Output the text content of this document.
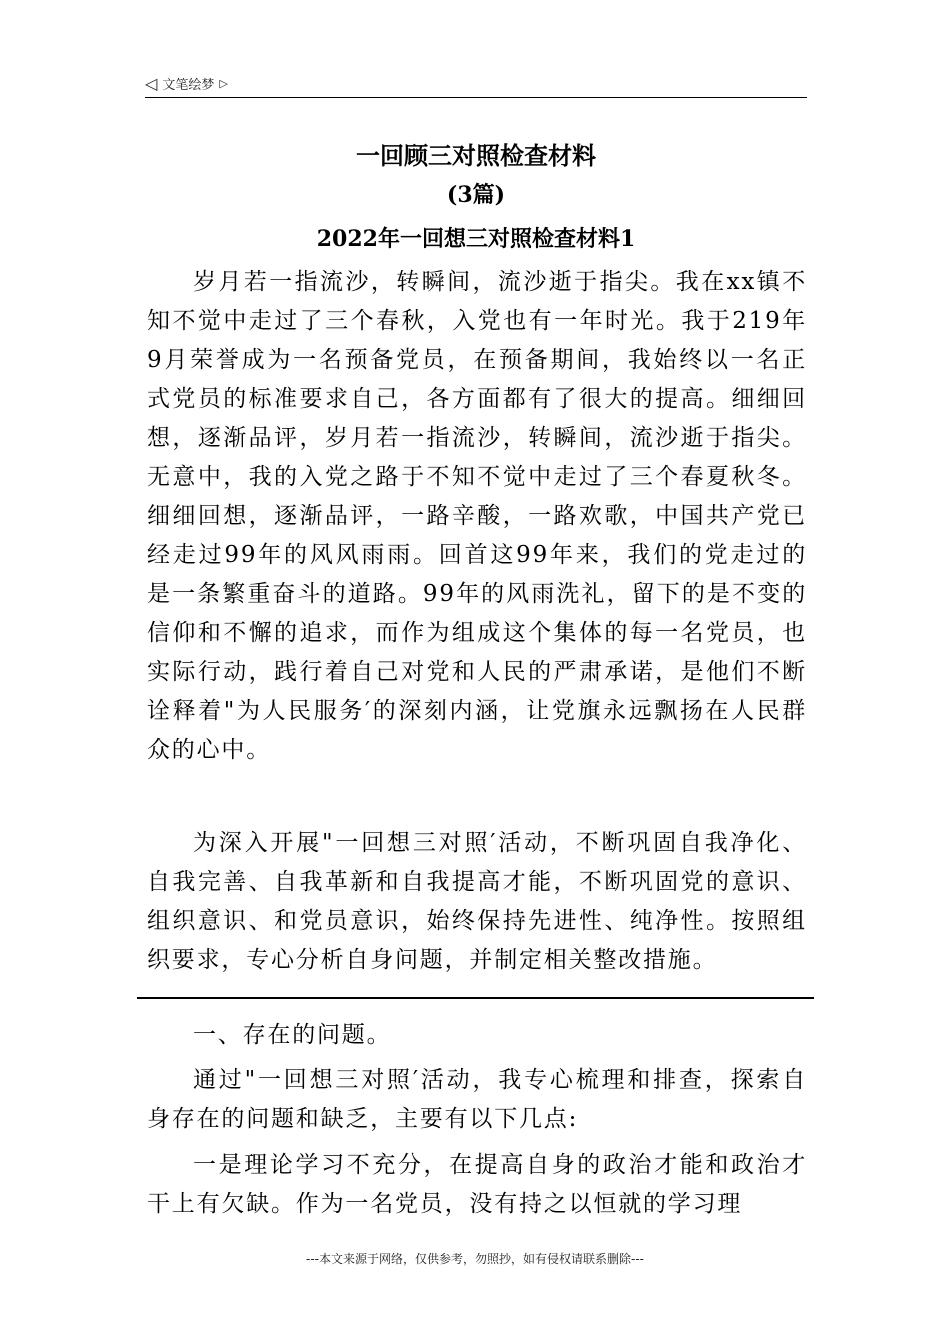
◁ 文笔绘梦 ▷
一回顾三对照检查材料
(3篇)
2022年一回想三对照检查材料1

岁月若一指流沙，转瞬间，流沙逝于指尖。我在xx镇不知不觉中走过了三个春秋，入党也有一年时光。我于219年9月荣誉成为一名预备党员，在预备期间，我始终以一名正式党员的标准要求自己，各方面都有了很大的提高。细细回想，逐渐品评，岁月若一指流沙，转瞬间，流沙逝于指尖。无意中，我的入党之路于不知不觉中走过了三个春夏秋冬。细细回想，逐渐品评，一路辛酸，一路欢歌，中国共产党已经走过99年的风风雨雨。回首这99年来，我们的党走过的是一条繁重奋斗的道路。99年的风雨洗礼，留下的是不变的信仰和不懈的追求，而作为组成这个集体的每一名党员，也实际行动，践行着自己对党和人民的严肃承诺，是他们不断诠释着"为人民服务′的深刻内涵，让党旗永远飘扬在人民群众的心中。

为深入开展"一回想三对照′活动，不断巩固自我净化、自我完善、自我革新和自我提高才能，不断巩固党的意识、组织意识、和党员意识，始终保持先进性、纯净性。按照组织要求，专心分析自身问题，并制定相关整改措施。

一、存在的问题。

通过"一回想三对照′活动，我专心梳理和排查，探索自身存在的问题和缺乏，主要有以下几点:

一是理论学习不充分，在提高自身的政治才能和政治才干上有欠缺。作为一名党员，没有持之以恒就的学习理

---本文来源于网络，仅供参考，勿照抄，如有侵权请联系删除---
